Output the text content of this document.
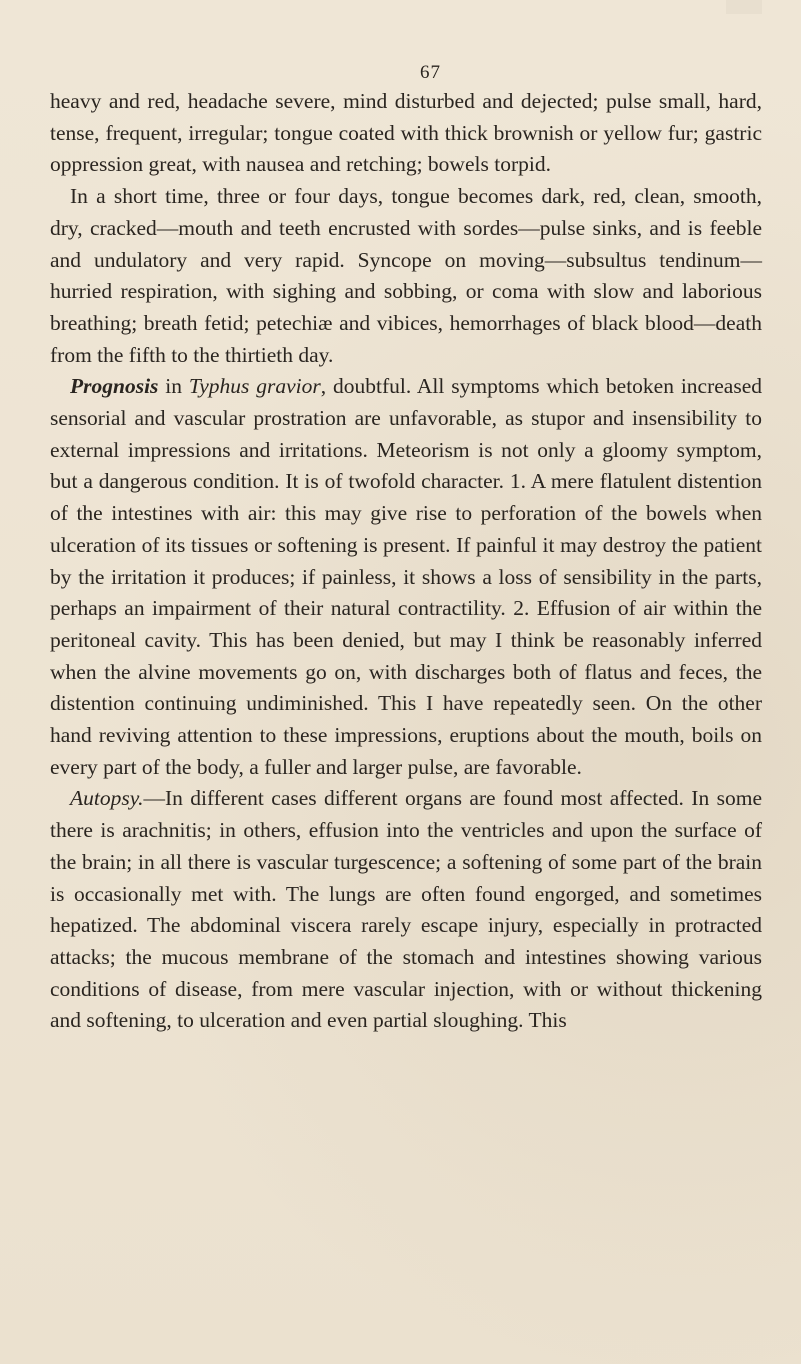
67

heavy and red, headache severe, mind disturbed and dejected; pulse small, hard, tense, frequent, irregular; tongue coated with thick brownish or yellow fur; gastric oppression great, with nausea and retching; bowels torpid.

In a short time, three or four days, tongue becomes dark, red, clean, smooth, dry, cracked—mouth and teeth encrusted with sordes—pulse sinks, and is feeble and undulatory and very rapid. Syncope on moving—subsultus tendinum—hurried respiration, with sighing and sobbing, or coma with slow and laborious breathing; breath fetid; petechiæ and vibices, hemorrhages of black blood—death from the fifth to the thirtieth day.

Prognosis in Typhus gravior, doubtful. All symptoms which betoken increased sensorial and vascular prostration are unfavorable, as stupor and insensibility to external impressions and irritations. Meteorism is not only a gloomy symptom, but a dangerous condition. It is of twofold character. 1. A mere flatulent distention of the intestines with air: this may give rise to perforation of the bowels when ulceration of its tissues or softening is present. If painful it may destroy the patient by the irritation it produces; if painless, it shows a loss of sensibility in the parts, perhaps an impairment of their natural contractility. 2. Effusion of air within the peritoneal cavity. This has been denied, but may I think be reasonably inferred when the alvine movements go on, with discharges both of flatus and feces, the distention continuing undiminished. This I have repeatedly seen. On the other hand reviving attention to these impressions, eruptions about the mouth, boils on every part of the body, a fuller and larger pulse, are favorable.

Autopsy.—In different cases different organs are found most affected. In some there is arachnitis; in others, effusion into the ventricles and upon the surface of the brain; in all there is vascular turgescence; a softening of some part of the brain is occasionally met with. The lungs are often found engorged, and sometimes hepatized. The abdominal viscera rarely escape injury, especially in protracted attacks; the mucous membrane of the stomach and intestines showing various conditions of disease, from mere vascular injection, with or without thickening and softening, to ulceration and even partial sloughing. This
